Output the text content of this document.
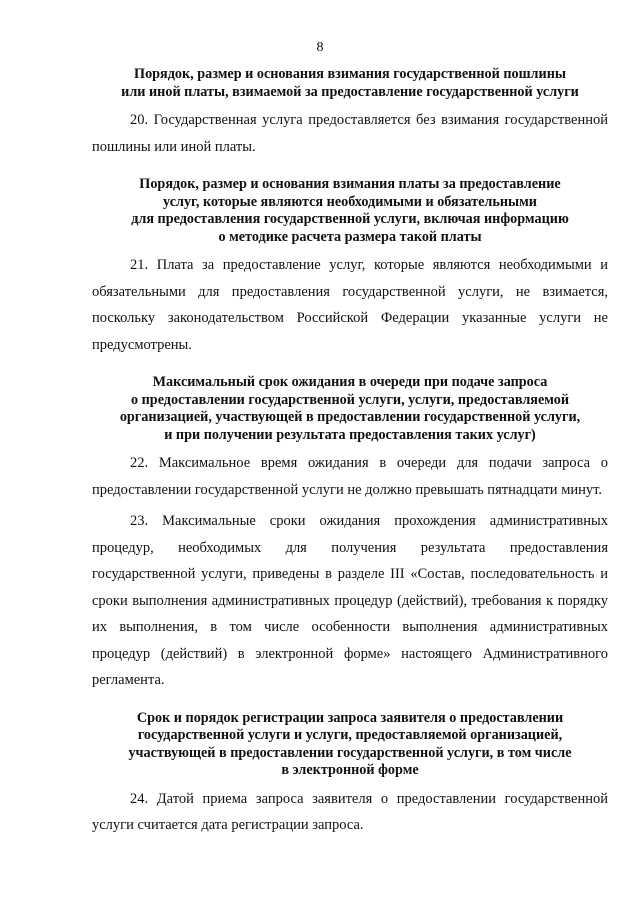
8
Порядок, размер и основания взимания государственной пошлины
или иной платы, взимаемой за предоставление государственной услуги

20. Государственная услуга предоставляется без взимания государственной пошлины или иной платы.

Порядок, размер и основания взимания платы за предоставление
услуг, которые являются необходимыми и обязательными
для предоставления государственной услуги, включая информацию
о методике расчета размера такой платы

21. Плата за предоставление услуг, которые являются необходимыми и обязательными для предоставления государственной услуги, не взимается, поскольку законодательством Российской Федерации указанные услуги не предусмотрены.

Максимальный срок ожидания в очереди при подаче запроса
о предоставлении государственной услуги, услуги, предоставляемой
организацией, участвующей в предоставлении государственной услуги,
и при получении результата предоставления таких услуг)

22. Максимальное время ожидания в очереди для подачи запроса о предоставлении государственной услуги не должно превышать пятнадцати минут.

23. Максимальные сроки ожидания прохождения административных процедур, необходимых для получения результата предоставления государственной услуги, приведены в разделе III «Состав, последовательность и сроки выполнения административных процедур (действий), требования к порядку их выполнения, в том числе особенности выполнения административных процедур (действий) в электронной форме» настоящего Административного регламента.

Срок и порядок регистрации запроса заявителя о предоставлении
государственной услуги и услуги, предоставляемой организацией,
участвующей в предоставлении государственной услуги, в том числе
в электронной форме

24. Датой приема запроса заявителя о предоставлении государственной услуги считается дата регистрации запроса.
